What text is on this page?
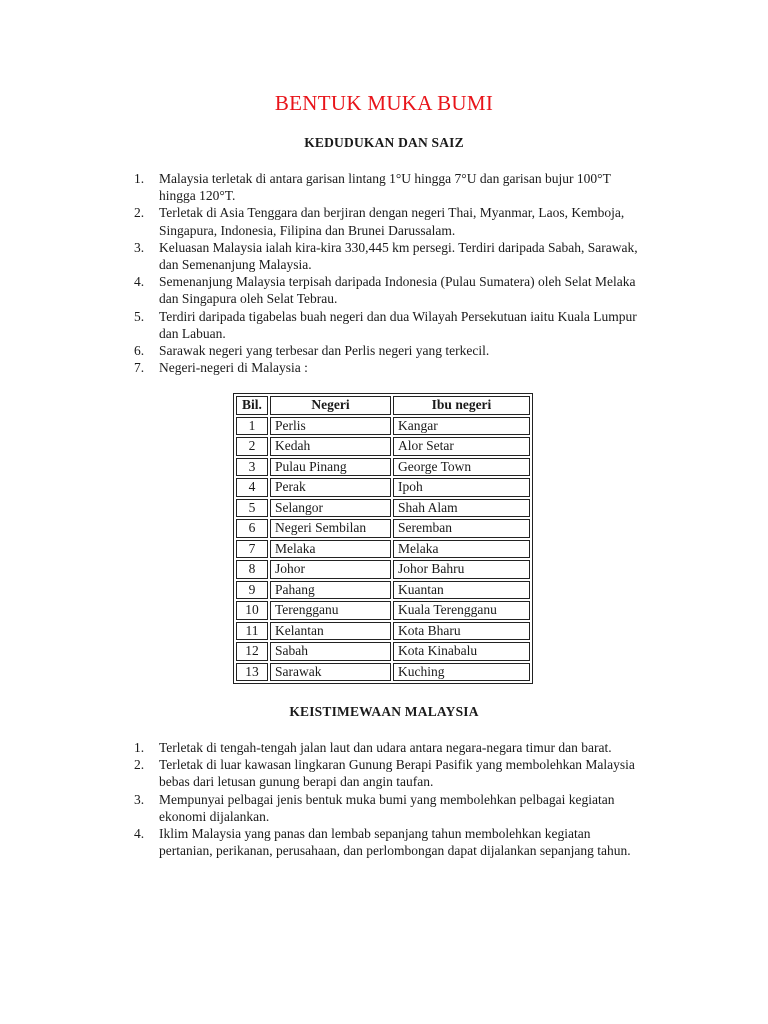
BENTUK MUKA BUMI
KEDUDUKAN DAN SAIZ
1. Malaysia terletak di antara garisan lintang 1°U hingga 7°U dan garisan bujur 100°T hingga 120°T.
2. Terletak di Asia Tenggara dan berjiran dengan negeri Thai, Myanmar, Laos, Kemboja, Singapura, Indonesia, Filipina dan Brunei Darussalam.
3. Keluasan Malaysia ialah kira-kira 330,445 km persegi. Terdiri daripada Sabah, Sarawak, dan Semenanjung Malaysia.
4. Semenanjung Malaysia terpisah daripada Indonesia (Pulau Sumatera) oleh Selat Melaka dan Singapura oleh Selat Tebrau.
5. Terdiri daripada tigabelas buah negeri dan dua Wilayah Persekutuan iaitu Kuala Lumpur dan Labuan.
6. Sarawak negeri yang terbesar dan Perlis negeri yang terkecil.
7. Negeri-negeri di Malaysia :
Bil.	Negeri	Ibu negeri
1	Perlis	Kangar
2	Kedah	Alor Setar
3	Pulau Pinang	George Town
4	Perak	Ipoh
5	Selangor	Shah Alam
6	Negeri Sembilan	Seremban
7	Melaka	Melaka
8	Johor	Johor Bahru
9	Pahang	Kuantan
10	Terengganu	Kuala Terengganu
11	Kelantan	Kota Bharu
12	Sabah	Kota Kinabalu
13	Sarawak	Kuching
KEISTIMEWAAN MALAYSIA
1. Terletak di tengah-tengah jalan laut dan udara antara negara-negara timur dan barat.
2. Terletak di luar kawasan lingkaran Gunung Berapi Pasifik yang membolehkan Malaysia bebas dari letusan gunung berapi dan angin taufan.
3. Mempunyai pelbagai jenis bentuk muka bumi yang membolehkan pelbagai kegiatan ekonomi dijalankan.
4. Iklim Malaysia yang panas dan lembab sepanjang tahun membolehkan kegiatan pertanian, perikanan, perusahaan, dan perlombongan dapat dijalankan sepanjang tahun.
